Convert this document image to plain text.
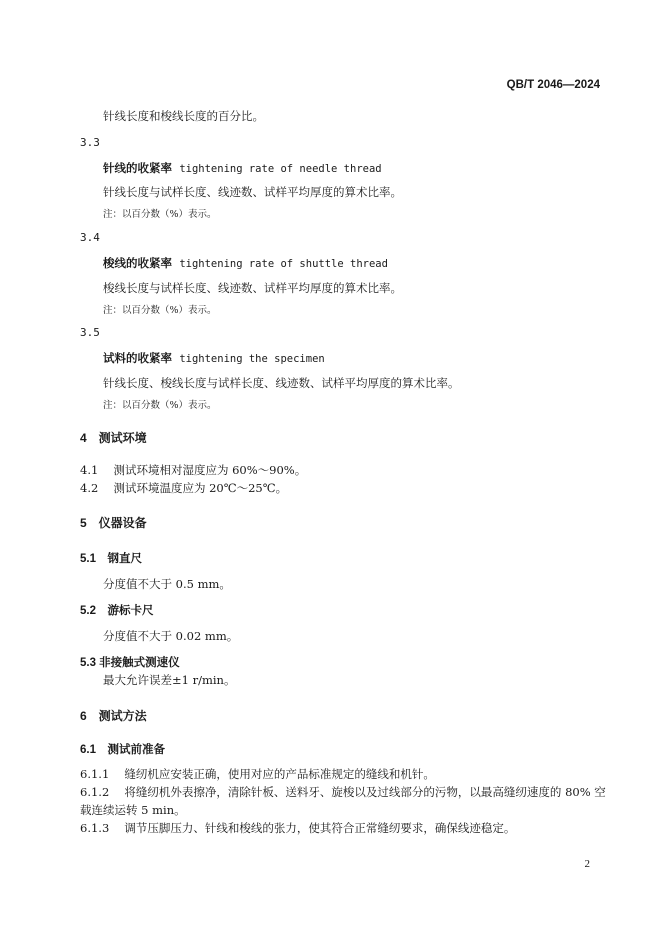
QB/T 2046—2024
针线长度和梭线长度的百分比。
3.3
针线的收紧率 tightening rate of needle thread
针线长度与试样长度、线迹数、试样平均厚度的算术比率。
注：以百分数（%）表示。
3.4
梭线的收紧率 tightening rate of shuttle thread
梭线长度与试样长度、线迹数、试样平均厚度的算术比率。
注：以百分数（%）表示。
3.5
试料的收紧率 tightening the specimen
针线长度、梭线长度与试样长度、线迹数、试样平均厚度的算术比率。
注：以百分数（%）表示。
4　测试环境
4.1　 测试环境相对湿度应为 60%～90%。
4.2　 测试环境温度应为 20℃～25℃。
5　仪器设备
5.1　钢直尺
分度值不大于 0.5 mm。
5.2　游标卡尺
分度值不大于 0.02 mm。
5.3 非接触式测速仪
最大允许误差±1 r/min。
6　测试方法
6.1　测试前准备
6.1.1　 缝纫机应安装正确，使用对应的产品标准规定的缝线和机针。
6.1.2　 将缝纫机外表擦净，清除针板、送料牙、旋梭以及过线部分的污物，以最高缝纫速度的 80% 空
载连续运转 5 min。
6.1.3　 调节压脚压力、针线和梭线的张力，使其符合正常缝纫要求，确保线迹稳定。
2
